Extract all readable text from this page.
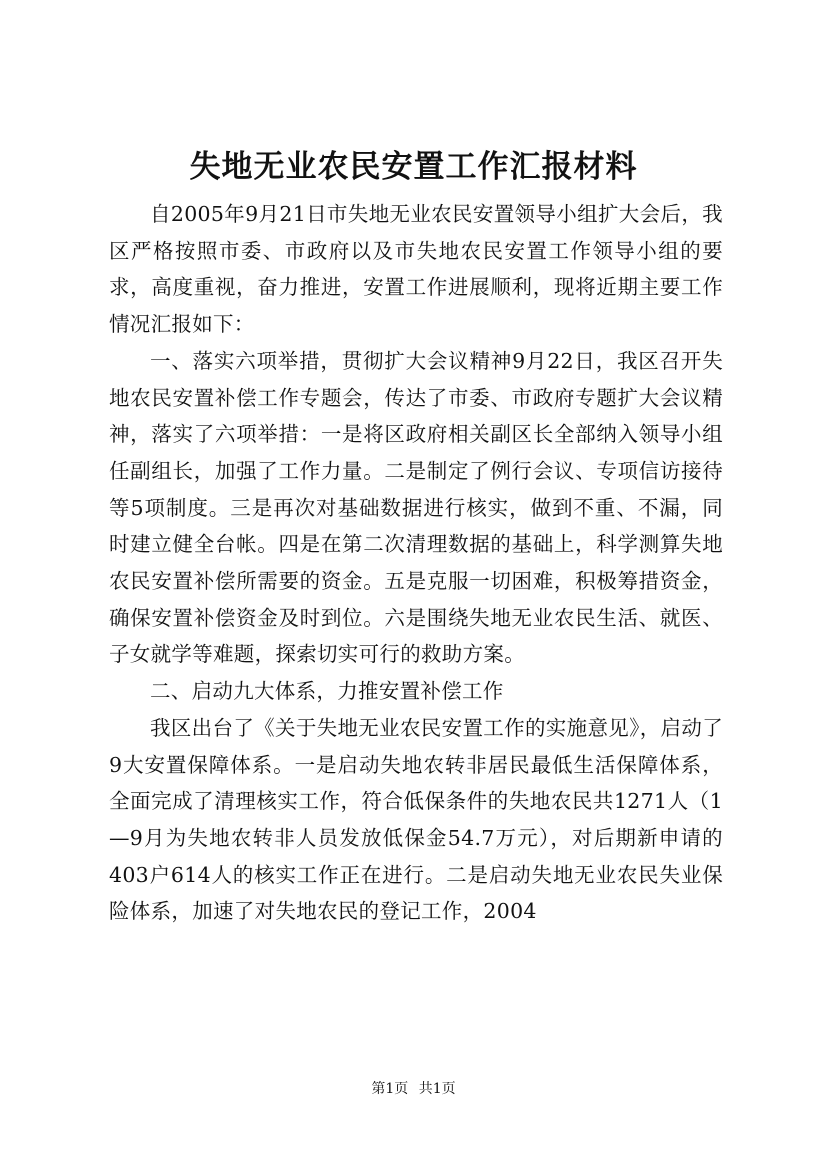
失地无业农民安置工作汇报材料

自2005年9月21日市失地无业农民安置领导小组扩大会后，我区严格按照市委、市政府以及市失地农民安置工作领导小组的要求，高度重视，奋力推进，安置工作进展顺利，现将近期主要工作情况汇报如下：

一、落实六项举措，贯彻扩大会议精神9月22日，我区召开失地农民安置补偿工作专题会，传达了市委、市政府专题扩大会议精神，落实了六项举措：一是将区政府相关副区长全部纳入领导小组任副组长，加强了工作力量。二是制定了例行会议、专项信访接待等5项制度。三是再次对基础数据进行核实，做到不重、不漏，同时建立健全台帐。四是在第二次清理数据的基础上，科学测算失地农民安置补偿所需要的资金。五是克服一切困难，积极筹措资金，确保安置补偿资金及时到位。六是围绕失地无业农民生活、就医、子女就学等难题，探索切实可行的救助方案。

二、启动九大体系，力推安置补偿工作

我区出台了《关于失地无业农民安置工作的实施意见》，启动了9大安置保障体系。一是启动失地农转非居民最低生活保障体系，全面完成了清理核实工作，符合低保条件的失地农民共1271人（1—9月为失地农转非人员发放低保金54.7万元），对后期新申请的403户614人的核实工作正在进行。二是启动失地无业农民失业保险体系，加速了对失地农民的登记工作，2004

第1页 共1页
